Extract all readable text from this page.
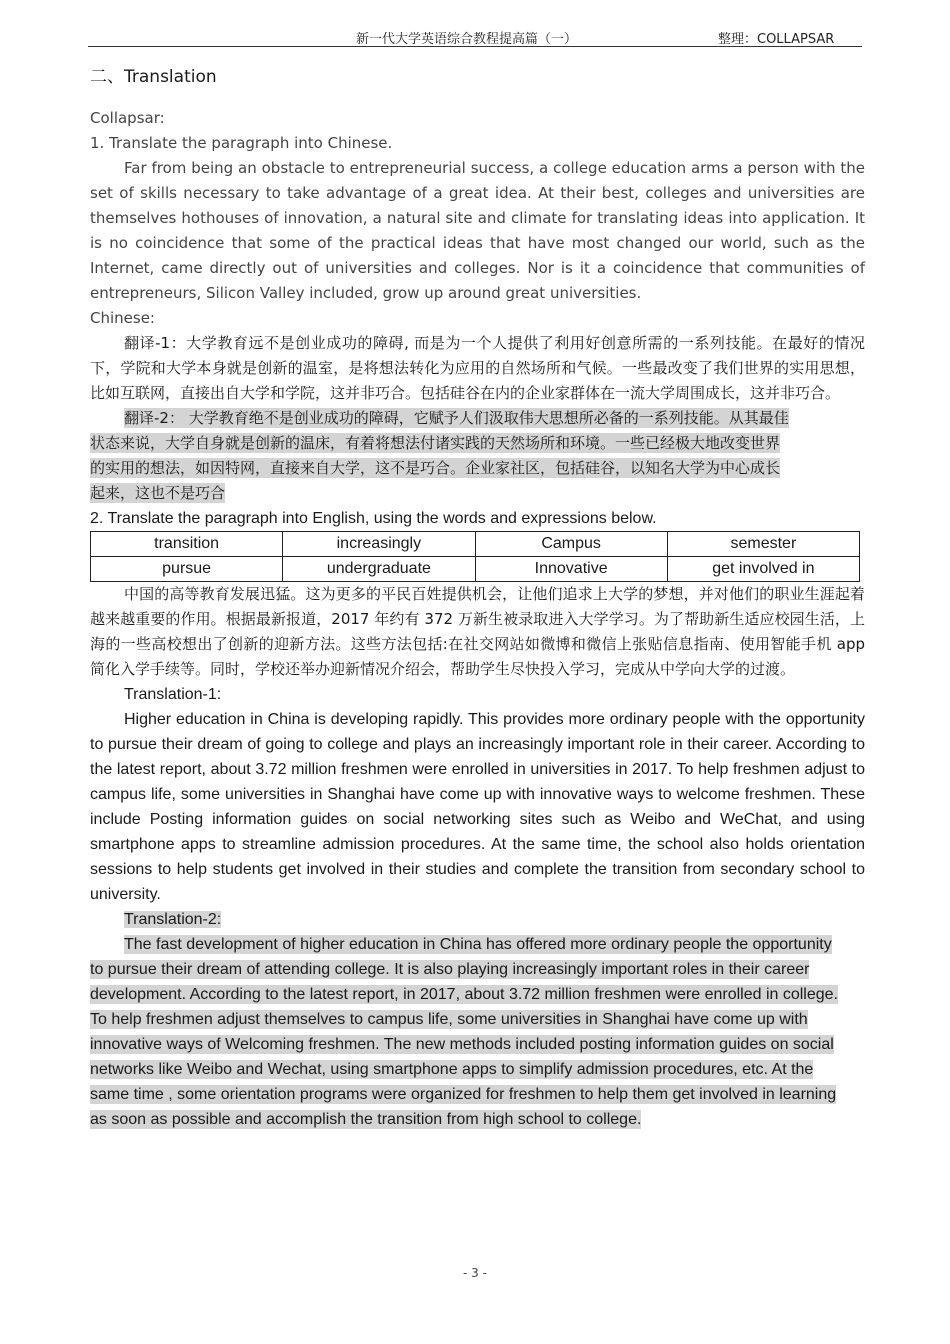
新一代大学英语综合教程提高篇（一）	整理：COLLAPSAR
二、Translation

Collapsar:

1. Translate the paragraph into Chinese.

Far from being an obstacle to entrepreneurial success, a college education arms a person with the set of skills necessary to take advantage of a great idea. At their best, colleges and universities are themselves hothouses of innovation, a natural site and climate for translating ideas into application. It is no coincidence that some of the practical ideas that have most changed our world, such as the Internet, came directly out of universities and colleges. Nor is it a coincidence that communities of entrepreneurs, Silicon Valley included, grow up around great universities.

Chinese:

翻译-1：大学教育远不是创业成功的障碍, 而是为一个人提供了利用好创意所需的一系列技能。在最好的情况下，学院和大学本身就是创新的温室，是将想法转化为应用的自然场所和气候。一些最改变了我们世界的实用思想，比如互联网，直接出自大学和学院，这并非巧合。包括硅谷在内的企业家群体在一流大学周围成长，这并非巧合。

翻译-2： 大学教育绝不是创业成功的障碍，它赋予人们汲取伟大思想所必备的一系列技能。从其最佳

状态来说，大学自身就是创新的温床，有着将想法付诸实践的天然场所和环境。一些已经极大地改变世界

的实用的想法，如因特网，直接来自大学，这不是巧合。企业家社区，包括硅谷，以知名大学为中心成长

起来，这也不是巧合

2. Translate the paragraph into English, using the words and expressions below.

transition	increasingly	Campus	semester
pursue	undergraduate	Innovative	get involved in

中国的高等教育发展迅猛。这为更多的平民百姓提供机会，让他们追求上大学的梦想，并对他们的职业生涯起着越来越重要的作用。根据最新报道，2017 年约有 372 万新生被录取进入大学学习。为了帮助新生适应校园生活，上海的一些高校想出了创新的迎新方法。这些方法包括:在社交网站如微博和微信上张贴信息指南、使用智能手机 app 简化入学手续等。同时，学校还举办迎新情况介绍会，帮助学生尽快投入学习，完成从中学向大学的过渡。

Translation-1:

Higher education in China is developing rapidly. This provides more ordinary people with the opportunity to pursue their dream of going to college and plays an increasingly important role in their career. According to the latest report, about 3.72 million freshmen were enrolled in universities in 2017. To help freshmen adjust to campus life, some universities in Shanghai have come up with innovative ways to welcome freshmen. These include Posting information guides on social networking sites such as Weibo and WeChat, and using smartphone apps to streamline admission procedures. At the same time, the school also holds orientation sessions to help students get involved in their studies and complete the transition from secondary school to university.

Translation-2:

The fast development of higher education in China has offered more ordinary people the opportunity

to pursue their dream of attending college. It is also playing increasingly important roles in their career

development. According to the latest report, in 2017, about 3.72 million freshmen were enrolled in college.

To help freshmen adjust themselves to campus life, some universities in Shanghai have come up with

innovative ways of Welcoming freshmen. The new methods included posting information guides on social

networks like Weibo and Wechat, using smartphone apps to simplify admission procedures, etc. At the

same time , some orientation programs were organized for freshmen to help them get involved in learning

as soon as possible and accomplish the transition from high school to college.

- 3 -
